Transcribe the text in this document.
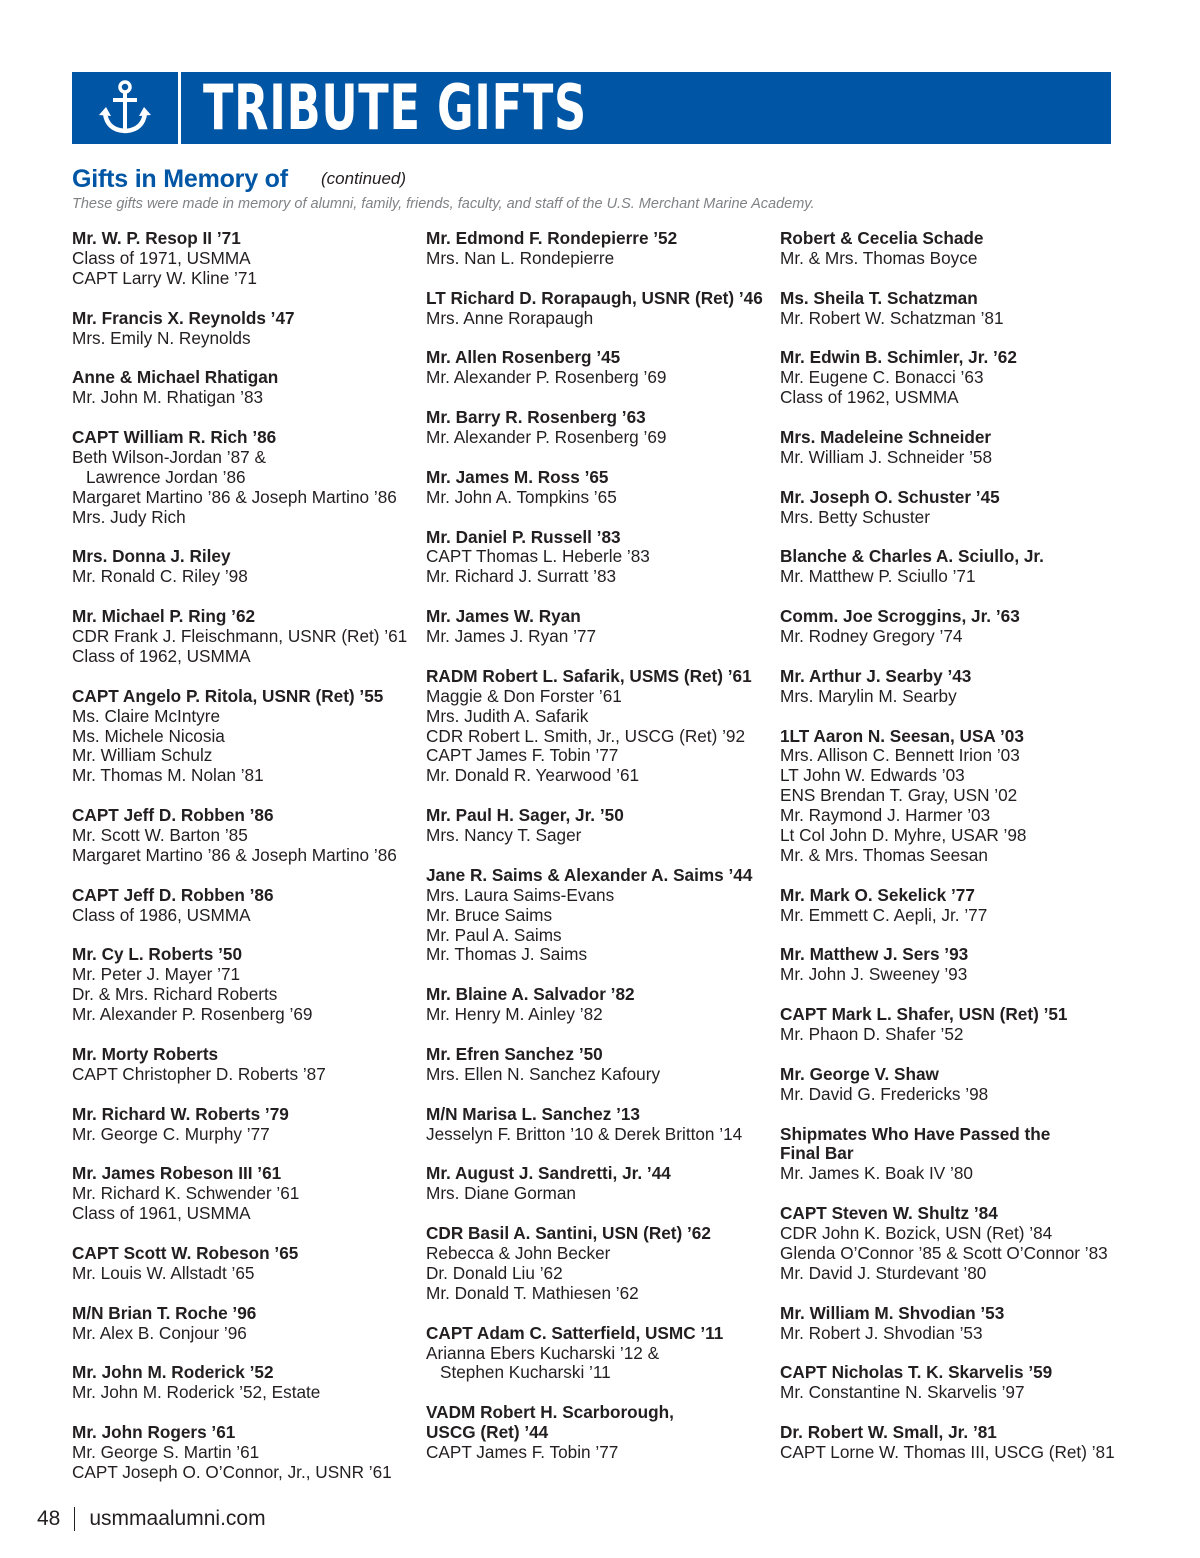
TRIBUTE GIFTS
Gifts in Memory of (continued)
These gifts were made in memory of alumni, family, friends, faculty, and staff of the U.S. Merchant Marine Academy.
Mr. W. P. Resop II ’71
Class of 1971, USMMA
CAPT Larry W. Kline ’71
Mr. Francis X. Reynolds ’47
Mrs. Emily N. Reynolds
Anne & Michael Rhatigan
Mr. John M. Rhatigan ’83
CAPT William R. Rich ’86
Beth Wilson-Jordan ’87 &
Lawrence Jordan ’86
Margaret Martino ’86 & Joseph Martino ’86
Mrs. Judy Rich
Mrs. Donna J. Riley
Mr. Ronald C. Riley ’98
Mr. Michael P. Ring ’62
CDR Frank J. Fleischmann, USNR (Ret) ’61
Class of 1962, USMMA
CAPT Angelo P. Ritola, USNR (Ret) ’55
Ms. Claire McIntyre
Ms. Michele Nicosia
Mr. William Schulz
Mr. Thomas M. Nolan ’81
CAPT Jeff D. Robben ’86
Mr. Scott W. Barton ’85
Margaret Martino ’86 & Joseph Martino ’86
CAPT Jeff D. Robben ’86
Class of 1986, USMMA
Mr. Cy L. Roberts ’50
Mr. Peter J. Mayer ’71
Dr. & Mrs. Richard Roberts
Mr. Alexander P. Rosenberg ’69
Mr. Morty Roberts
CAPT Christopher D. Roberts ’87
Mr. Richard W. Roberts ’79
Mr. George C. Murphy ’77
Mr. James Robeson III ’61
Mr. Richard K. Schwender ’61
Class of 1961, USMMA
CAPT Scott W. Robeson ’65
Mr. Louis W. Allstadt ’65
M/N Brian T. Roche ’96
Mr. Alex B. Conjour ’96
Mr. John M. Roderick ’52
Mr. John M. Roderick ’52, Estate
Mr. John Rogers ’61
Mr. George S. Martin ’61
CAPT Joseph O. O’Connor, Jr., USNR ’61
Mr. Edmond F. Rondepierre ’52
Mrs. Nan L. Rondepierre
LT Richard D. Rorapaugh, USNR (Ret) ’46
Mrs. Anne Rorapaugh
Mr. Allen Rosenberg ’45
Mr. Alexander P. Rosenberg ’69
Mr. Barry R. Rosenberg ’63
Mr. Alexander P. Rosenberg ’69
Mr. James M. Ross ’65
Mr. John A. Tompkins ’65
Mr. Daniel P. Russell ’83
CAPT Thomas L. Heberle ’83
Mr. Richard J. Surratt ’83
Mr. James W. Ryan
Mr. James J. Ryan ’77
RADM Robert L. Safarik, USMS (Ret) ’61
Maggie & Don Forster ’61
Mrs. Judith A. Safarik
CDR Robert L. Smith, Jr., USCG (Ret) ’92
CAPT James F. Tobin ’77
Mr. Donald R. Yearwood ’61
Mr. Paul H. Sager, Jr. ’50
Mrs. Nancy T. Sager
Jane R. Saims & Alexander A. Saims ’44
Mrs. Laura Saims-Evans
Mr. Bruce Saims
Mr. Paul A. Saims
Mr. Thomas J. Saims
Mr. Blaine A. Salvador ’82
Mr. Henry M. Ainley ’82
Mr. Efren Sanchez ’50
Mrs. Ellen N. Sanchez Kafoury
M/N Marisa L. Sanchez ’13
Jesselyn F. Britton ’10 & Derek Britton ’14
Mr. August J. Sandretti, Jr. ’44
Mrs. Diane Gorman
CDR Basil A. Santini, USN (Ret) ’62
Rebecca & John Becker
Dr. Donald Liu ’62
Mr. Donald T. Mathiesen ’62
CAPT Adam C. Satterfield, USMC ’11
Arianna Ebers Kucharski ’12 &
Stephen Kucharski ’11
VADM Robert H. Scarborough,
USCG (Ret) ’44
CAPT James F. Tobin ’77
Robert & Cecelia Schade
Mr. & Mrs. Thomas Boyce
Ms. Sheila T. Schatzman
Mr. Robert W. Schatzman ’81
Mr. Edwin B. Schimler, Jr. ’62
Mr. Eugene C. Bonacci ’63
Class of 1962, USMMA
Mrs. Madeleine Schneider
Mr. William J. Schneider ’58
Mr. Joseph O. Schuster ’45
Mrs. Betty Schuster
Blanche & Charles A. Sciullo, Jr.
Mr. Matthew P. Sciullo ’71
Comm. Joe Scroggins, Jr. ’63
Mr. Rodney Gregory ’74
Mr. Arthur J. Searby ’43
Mrs. Marylin M. Searby
1LT Aaron N. Seesan, USA ’03
Mrs. Allison C. Bennett Irion ’03
LT John W. Edwards ’03
ENS Brendan T. Gray, USN ’02
Mr. Raymond J. Harmer ’03
Lt Col John D. Myhre, USAR ’98
Mr. & Mrs. Thomas Seesan
Mr. Mark O. Sekelick ’77
Mr. Emmett C. Aepli, Jr. ’77
Mr. Matthew J. Sers ’93
Mr. John J. Sweeney ’93
CAPT Mark L. Shafer, USN (Ret) ’51
Mr. Phaon D. Shafer ’52
Mr. George V. Shaw
Mr. David G. Fredericks ’98
Shipmates Who Have Passed the
Final Bar
Mr. James K. Boak IV ’80
CAPT Steven W. Shultz ’84
CDR John K. Bozick, USN (Ret) ’84
Glenda O’Connor ’85 & Scott O’Connor ’83
Mr. David J. Sturdevant ’80
Mr. William M. Shvodian ’53
Mr. Robert J. Shvodian ’53
CAPT Nicholas T. K. Skarvelis ’59
Mr. Constantine N. Skarvelis ’97
Dr. Robert W. Small, Jr. ’81
CAPT Lorne W. Thomas III, USCG (Ret) ’81
48 usmmaalumni.com
